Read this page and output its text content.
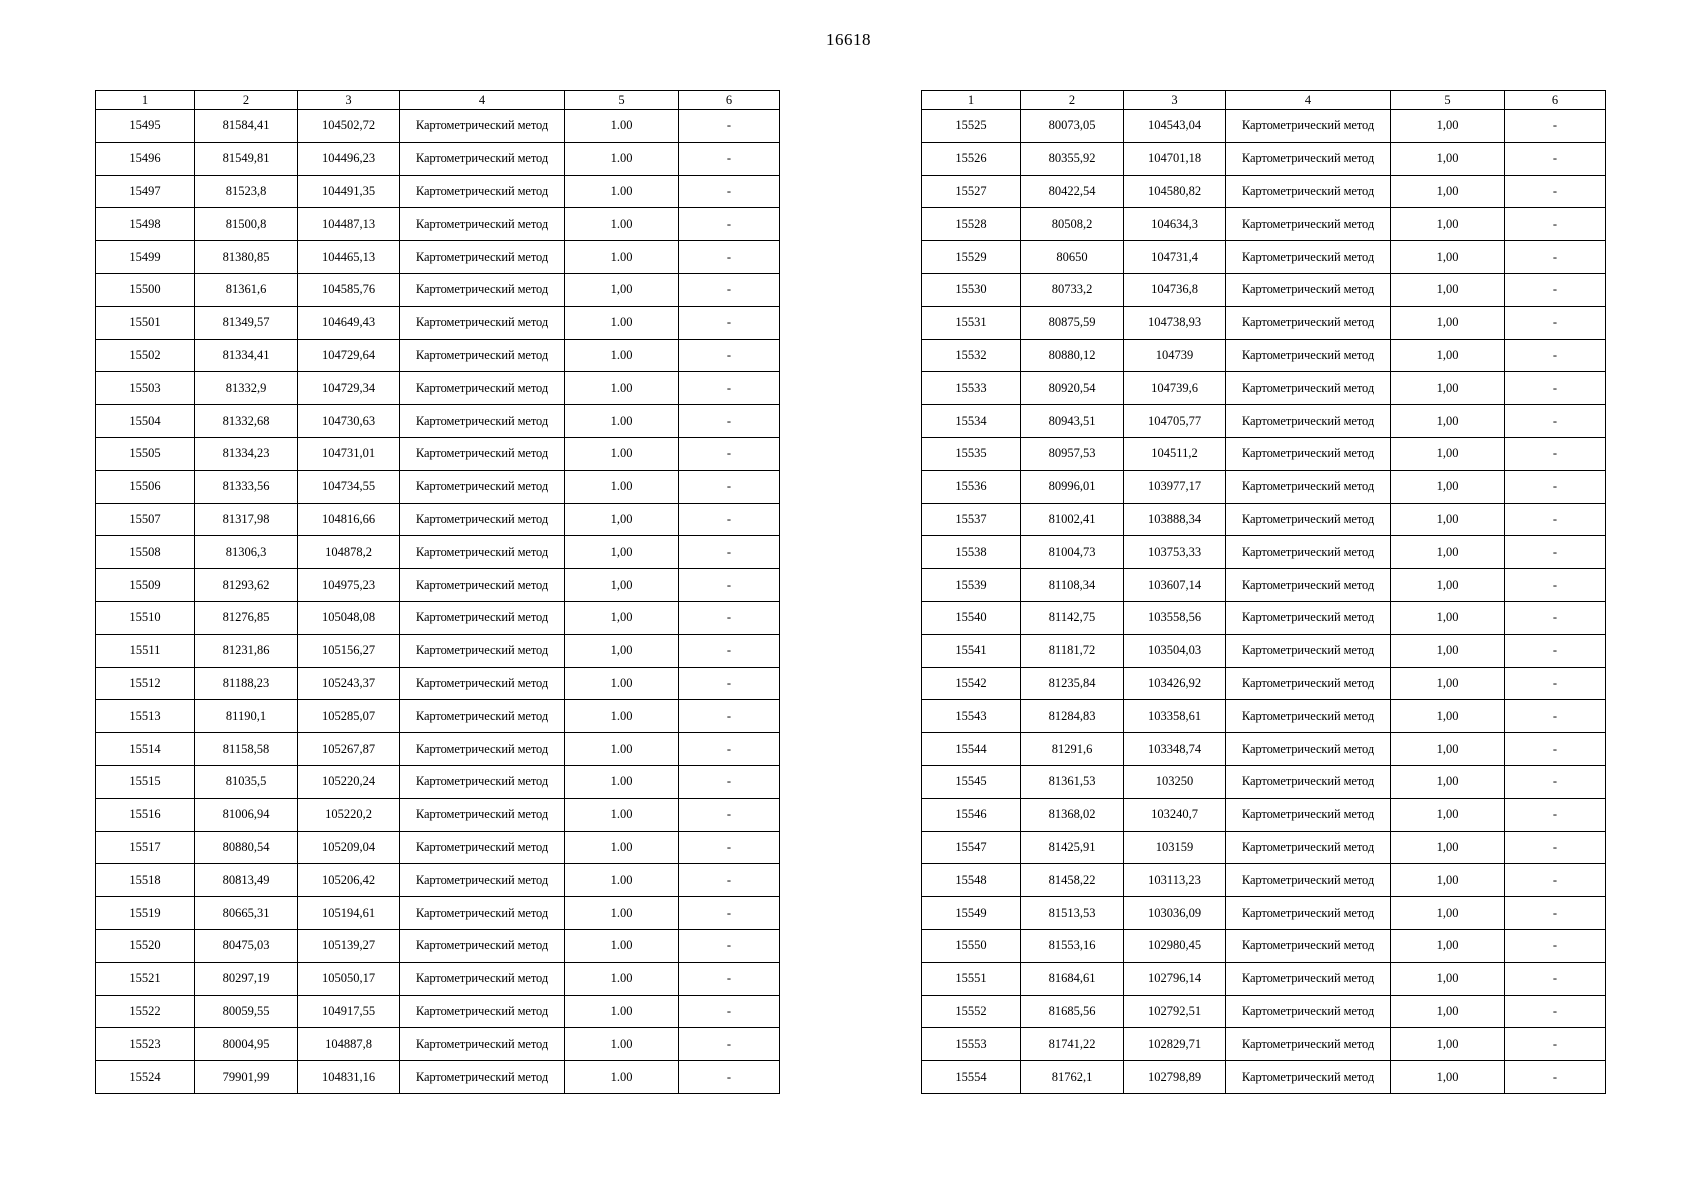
16618
1	2	3	4	5	6
15495	81584,41	104502,72	Картометрический метод	1.00	-
15496	81549,81	104496,23	Картометрический метод	1.00	-
15497	81523,8	104491,35	Картометрический метод	1.00	-
15498	81500,8	104487,13	Картометрический метод	1.00	-
15499	81380,85	104465,13	Картометрический метод	1.00	-
15500	81361,6	104585,76	Картометрический метод	1,00	-
15501	81349,57	104649,43	Картометрический метод	1.00	-
15502	81334,41	104729,64	Картометрический метод	1.00	-
15503	81332,9	104729,34	Картометрический метод	1.00	-
15504	81332,68	104730,63	Картометрический метод	1.00	-
15505	81334,23	104731,01	Картометрический метод	1.00	-
15506	81333,56	104734,55	Картометрический метод	1.00	-
15507	81317,98	104816,66	Картометрический метод	1,00	-
15508	81306,3	104878,2	Картометрический метод	1,00	-
15509	81293,62	104975,23	Картометрический метод	1,00	-
15510	81276,85	105048,08	Картометрический метод	1,00	-
15511	81231,86	105156,27	Картометрический метод	1,00	-
15512	81188,23	105243,37	Картометрический метод	1.00	-
15513	81190,1	105285,07	Картометрический метод	1.00	-
15514	81158,58	105267,87	Картометрический метод	1.00	-
15515	81035,5	105220,24	Картометрический метод	1.00	-
15516	81006,94	105220,2	Картометрический метод	1.00	-
15517	80880,54	105209,04	Картометрический метод	1.00	-
15518	80813,49	105206,42	Картометрический метод	1.00	-
15519	80665,31	105194,61	Картометрический метод	1.00	-
15520	80475,03	105139,27	Картометрический метод	1.00	-
15521	80297,19	105050,17	Картометрический метод	1.00	-
15522	80059,55	104917,55	Картометрический метод	1.00	-
15523	80004,95	104887,8	Картометрический метод	1.00	-
15524	79901,99	104831,16	Картометрический метод	1.00	-
1	2	3	4	5	6
15525	80073,05	104543,04	Картометрический метод	1,00	-
15526	80355,92	104701,18	Картометрический метод	1,00	-
15527	80422,54	104580,82	Картометрический метод	1,00	-
15528	80508,2	104634,3	Картометрический метод	1,00	-
15529	80650	104731,4	Картометрический метод	1,00	-
15530	80733,2	104736,8	Картометрический метод	1,00	-
15531	80875,59	104738,93	Картометрический метод	1,00	-
15532	80880,12	104739	Картометрический метод	1,00	-
15533	80920,54	104739,6	Картометрический метод	1,00	-
15534	80943,51	104705,77	Картометрический метод	1,00	-
15535	80957,53	104511,2	Картометрический метод	1,00	-
15536	80996,01	103977,17	Картометрический метод	1,00	-
15537	81002,41	103888,34	Картометрический метод	1,00	-
15538	81004,73	103753,33	Картометрический метод	1,00	-
15539	81108,34	103607,14	Картометрический метод	1,00	-
15540	81142,75	103558,56	Картометрический метод	1,00	-
15541	81181,72	103504,03	Картометрический метод	1,00	-
15542	81235,84	103426,92	Картометрический метод	1,00	-
15543	81284,83	103358,61	Картометрический метод	1,00	-
15544	81291,6	103348,74	Картометрический метод	1,00	-
15545	81361,53	103250	Картометрический метод	1,00	-
15546	81368,02	103240,7	Картометрический метод	1,00	-
15547	81425,91	103159	Картометрический метод	1,00	-
15548	81458,22	103113,23	Картометрический метод	1,00	-
15549	81513,53	103036,09	Картометрический метод	1,00	-
15550	81553,16	102980,45	Картометрический метод	1,00	-
15551	81684,61	102796,14	Картометрический метод	1,00	-
15552	81685,56	102792,51	Картометрический метод	1,00	-
15553	81741,22	102829,71	Картометрический метод	1,00	-
15554	81762,1	102798,89	Картометрический метод	1,00	-
